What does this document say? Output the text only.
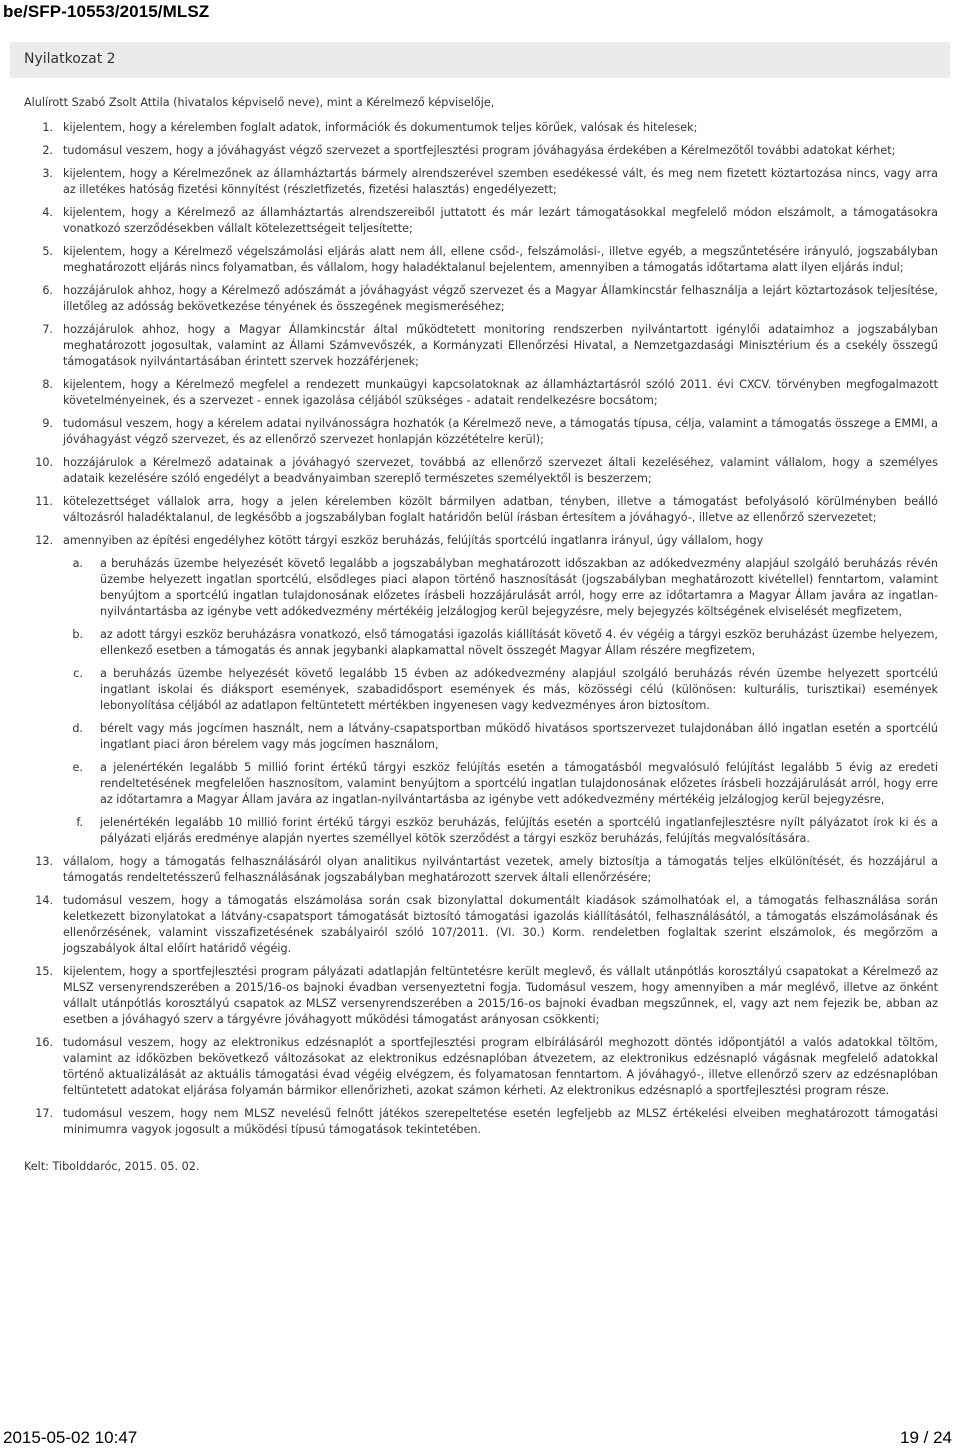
be/SFP-10553/2015/MLSZ
Nyilatkozat 2

Alulírott Szabó Zsolt Attila (hivatalos képviselő neve), mint a Kérelmező képviselője,

1. kijelentem, hogy a kérelemben foglalt adatok, információk és dokumentumok teljes körűek, valósak és hitelesek;
2. tudomásul veszem, hogy a jóváhagyást végző szervezet a sportfejlesztési program jóváhagyása érdekében a Kérelmezőtől további adatokat kérhet;
3. kijelentem, hogy a Kérelmezőnek az államháztartás bármely alrendszerével szemben esedékessé vált, és meg nem fizetett köztartozása nincs, vagy arra az illetékes hatóság fizetési könnyítést (részletfizetés, fizetési halasztás) engedélyezett;
4. kijelentem, hogy a Kérelmező az államháztartás alrendszereiből juttatott és már lezárt támogatásokkal megfelelő módon elszámolt, a támogatásokra vonatkozó szerződésekben vállalt kötelezettségeit teljesítette;
5. kijelentem, hogy a Kérelmező végelszámolási eljárás alatt nem áll, ellene csőd-, felszámolási-, illetve egyéb, a megszűntetésére irányuló, jogszabályban meghatározott eljárás nincs folyamatban, és vállalom, hogy haladéktalanul bejelentem, amennyiben a támogatás időtartama alatt ilyen eljárás indul;
6. hozzájárulok ahhoz, hogy a Kérelmező adószámát a jóváhagyást végző szervezet és a Magyar Államkincstár felhasználja a lejárt köztartozások teljesítése, illetőleg az adósság bekövetkezése tényének és összegének megismeréséhez;
7. hozzájárulok ahhoz, hogy a Magyar Államkincstár által működtetett monitoring rendszerben nyilvántartott igénylői adataimhoz a jogszabályban meghatározott jogosultak, valamint az Állami Számvevőszék, a Kormányzati Ellenőrzési Hivatal, a Nemzetgazdasági Minisztérium és a csekély összegű támogatások nyilvántartásában érintett szervek hozzáférjenek;
8. kijelentem, hogy a Kérelmező megfelel a rendezett munkaügyi kapcsolatoknak az államháztartásról szóló 2011. évi CXCV. törvényben megfogalmazott követelményeinek, és a szervezet - ennek igazolása céljából szükséges - adatait rendelkezésre bocsátom;
9. tudomásul veszem, hogy a kérelem adatai nyilvánosságra hozhatók (a Kérelmező neve, a támogatás típusa, célja, valamint a támogatás összege a EMMI, a jóváhagyást végző szervezet, és az ellenőrző szervezet honlapján közzétételre kerül);
10. hozzájárulok a Kérelmező adatainak a jóváhagyó szervezet, továbbá az ellenőrző szervezet általi kezeléséhez, valamint vállalom, hogy a személyes adataik kezelésére szóló engedélyt a beadványaimban szereplő természetes személyektől is beszerzem;
11. kötelezettséget vállalok arra, hogy a jelen kérelemben közölt bármilyen adatban, tényben, illetve a támogatást befolyásoló körülményben beálló változásról haladéktalanul, de legkésőbb a jogszabályban foglalt határidőn belül írásban értesítem a jóváhagyó-, illetve az ellenőrző szervezetet;
12. amennyiben az építési engedélyhez kötött tárgyi eszköz beruházás, felújítás sportcélú ingatlanra irányul, úgy vállalom, hogy
a. a beruházás üzembe helyezését követő legalább a jogszabályban meghatározott időszakban az adókedvezmény alapjául szolgáló beruházás révén üzembe helyezett ingatlan sportcélú, elsődleges piaci alapon történő hasznosítását (jogszabályban meghatározott kivétellel) fenntartom, valamint benyújtom a sportcélú ingatlan tulajdonosának előzetes írásbeli hozzájárulását arról, hogy erre az időtartamra a Magyar Állam javára az ingatlan-nyilvántartásba az igénybe vett adókedvezmény mértékéig jelzálogjog kerül bejegyzésre, mely bejegyzés költségének elviselését megfizetem,
b. az adott tárgyi eszköz beruházásra vonatkozó, első támogatási igazolás kiállítását követő 4. év végéig a tárgyi eszköz beruházást üzembe helyezem, ellenkező esetben a támogatás és annak jegybanki alapkamattal növelt összegét Magyar Állam részére megfizetem,
c. a beruházás üzembe helyezését követő legalább 15 évben az adókedvezmény alapjául szolgáló beruházás révén üzembe helyezett sportcélú ingatlant iskolai és diáksport események, szabadidősport események és más, közösségi célú (különösen: kulturális, turisztikai) események lebonyolítása céljából az adatlapon feltüntetett mértékben ingyenesen vagy kedvezményes áron biztosítom.
d. bérelt vagy más jogcímen használt, nem a látvány-csapatsportban működő hivatásos sportszervezet tulajdonában álló ingatlan esetén a sportcélú ingatlant piaci áron bérelem vagy más jogcímen használom,
e. a jelenértékén legalább 5 millió forint értékű tárgyi eszköz felújítás esetén a támogatásból megvalósuló felújítást legalább 5 évig az eredeti rendeltetésének megfelelően hasznosítom, valamint benyújtom a sportcélú ingatlan tulajdonosának előzetes írásbeli hozzájárulását arról, hogy erre az időtartamra a Magyar Állam javára az ingatlan-nyilvántartásba az igénybe vett adókedvezmény mértékéig jelzálogjog kerül bejegyzésre,
f. jelenértékén legalább 10 millió forint értékű tárgyi eszköz beruházás, felújítás esetén a sportcélú ingatlanfejlesztésre nyílt pályázatot írok ki és a pályázati eljárás eredménye alapján nyertes személlyel kötök szerződést a tárgyi eszköz beruházás, felújítás megvalósítására.
13. vállalom, hogy a támogatás felhasználásáról olyan analitikus nyilvántartást vezetek, amely biztosítja a támogatás teljes elkülönítését, és hozzájárul a támogatás rendeltetésszerű felhasználásának jogszabályban meghatározott szervek általi ellenőrzésére;
14. tudomásul veszem, hogy a támogatás elszámolása során csak bizonylattal dokumentált kiadások számolhatóak el, a támogatás felhasználása során keletkezett bizonylatokat a látvány-csapatsport támogatását biztosító támogatási igazolás kiállításától, felhasználásától, a támogatás elszámolásának és ellenőrzésének, valamint visszafizetésének szabályairól szóló 107/2011. (VI. 30.) Korm. rendeletben foglaltak szerint elszámolok, és megőrzöm a jogszabályok által előírt határidő végéig.
15. kijelentem, hogy a sportfejlesztési program pályázati adatlapján feltüntetésre került meglevő, és vállalt utánpótlás korosztályú csapatokat a Kérelmező az MLSZ versenyrendszerében a 2015/16-os bajnoki évadban versenyeztetni fogja. Tudomásul veszem, hogy amennyiben a már meglévő, illetve az önként vállalt utánpótlás korosztályú csapatok az MLSZ versenyrendszerében a 2015/16-os bajnoki évadban megszűnnek, el, vagy azt nem fejezik be, abban az esetben a jóváhagyó szerv a tárgyévre jóváhagyott működési támogatást arányosan csökkenti;
16. tudomásul veszem, hogy az elektronikus edzésnaplót a sportfejlesztési program elbírálásáról meghozott döntés időpontjától a valós adatokkal töltöm, valamint az időközben bekövetkező változásokat az elektronikus edzésnaplóban átvezetem, az elektronikus edzésnapló vágásnak megfelelő adatokkal történő aktualizálását az aktuális támogatási évad végéig elvégzem, és folyamatosan fenntartom. A jóváhagyó-, illetve ellenőrző szerv az edzésnaplóban feltüntetett adatokat eljárása folyamán bármikor ellenőrizheti, azokat számon kérheti. Az elektronikus edzésnapló a sportfejlesztési program része.
17. tudomásul veszem, hogy nem MLSZ nevelésű felnőtt játékos szerepeltetése esetén legfeljebb az MLSZ értékelési elveiben meghatározott támogatási minimumra vagyok jogosult a működési típusú támogatások tekintetében.
Kelt: Tibolddaróc, 2015. 05. 02.
2015-05-02 10:47	19 / 24
